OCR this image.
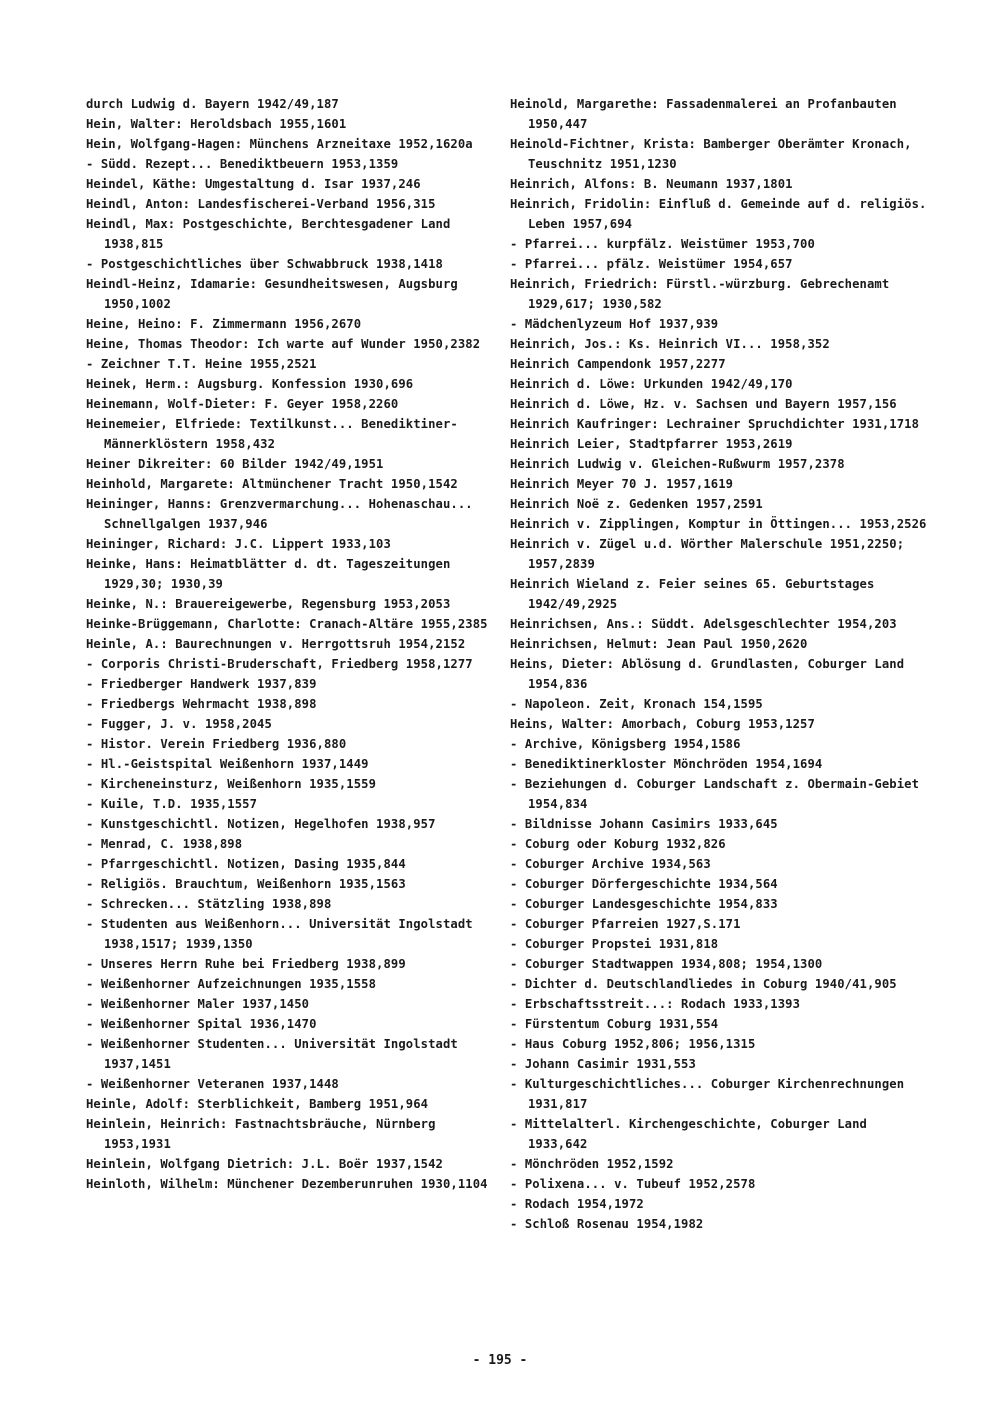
durch Ludwig d. Bayern 1942/49,187
Hein, Walter: Heroldsbach 1955,1601
Hein, Wolfgang-Hagen: Münchens Arzneitaxe 1952,1620a
- Südd. Rezept... Benediktbeuern 1953,1359
Heindel, Käthe: Umgestaltung d. Isar 1937,246
Heindl, Anton: Landesfischerei-Verband 1956,315
Heindl, Max: Postgeschichte, Berchtesgadener Land 1938,815
- Postgeschichtliches über Schwabbruck 1938,1418
Heindl-Heinz, Idamarie: Gesundheitswesen, Augsburg 1950,1002
Heine, Heino: F. Zimmermann 1956,2670
Heine, Thomas Theodor: Ich warte auf Wunder 1950,2382
- Zeichner T.T. Heine 1955,2521
Heinek, Herm.: Augsburg. Konfession 1930,696
Heinemann, Wolf-Dieter: F. Geyer 1958,2260
Heinemeier, Elfriede: Textilkunst... Benediktiner-Männerklöstern 1958,432
Heiner Dikreiter: 60 Bilder 1942/49,1951
Heinhold, Margarete: Altmünchener Tracht 1950,1542
Heininger, Hanns: Grenzvermarchung... Hohenaschau... Schnellgalgen 1937,946
Heininger, Richard: J.C. Lippert 1933,103
Heinke, Hans: Heimatblätter d. dt. Tageszeitungen 1929,30; 1930,39
Heinke, N.: Brauereigewerbe, Regensburg 1953,2053
Heinke-Brüggemann, Charlotte: Cranach-Altäre 1955,2385
Heinle, A.: Baurechnungen v. Herrgottsruh 1954,2152
- Corporis Christi-Bruderschaft, Friedberg 1958,1277
- Friedberger Handwerk 1937,839
- Friedbergs Wehrmacht 1938,898
- Fugger, J. v. 1958,2045
- Histor. Verein Friedberg 1936,880
- Hl.-Geistspital Weißenhorn 1937,1449
- Kircheneinsturz, Weißenhorn 1935,1559
- Kuile, T.D. 1935,1557
- Kunstgeschichtl. Notizen, Hegelhofen 1938,957
- Menrad, C. 1938,898
- Pfarrgeschichtl. Notizen, Dasing 1935,844
- Religiös. Brauchtum, Weißenhorn 1935,1563
- Schrecken... Stätzling 1938,898
- Studenten aus Weißenhorn... Universität Ingolstadt 1938,1517; 1939,1350
- Unseres Herrn Ruhe bei Friedberg 1938,899
- Weißenhorner Aufzeichnungen 1935,1558
- Weißenhorner Maler 1937,1450
- Weißenhorner Spital 1936,1470
- Weißenhorner Studenten... Universität Ingolstadt 1937,1451
- Weißenhorner Veteranen 1937,1448
Heinle, Adolf: Sterblichkeit, Bamberg 1951,964
Heinlein, Heinrich: Fastnachtsbräuche, Nürnberg 1953,1931
Heinlein, Wolfgang Dietrich: J.L. Boër 1937,1542
Heinloth, Wilhelm: Münchener Dezemberunruhen 1930,1104
Heinold, Margarethe: Fassadenmalerei an Profanbauten 1950,447
Heinold-Fichtner, Krista: Bamberger Oberämter Kronach, Teuschnitz 1951,1230
Heinrich, Alfons: B. Neumann 1937,1801
Heinrich, Fridolin: Einfluß d. Gemeinde auf d. religiös. Leben 1957,694
- Pfarrei... kurpfälz. Weistümer 1953,700
- Pfarrei... pfälz. Weistümer 1954,657
Heinrich, Friedrich: Fürstl.-würzburg. Gebrechenamt 1929,617; 1930,582
- Mädchenlyzeum Hof 1937,939
Heinrich, Jos.: Ks. Heinrich VI... 1958,352
Heinrich Campendonk 1957,2277
Heinrich d. Löwe: Urkunden 1942/49,170
Heinrich d. Löwe, Hz. v. Sachsen und Bayern 1957,156
Heinrich Kaufringer: Lechrainer Spruchdichter 1931,1718
Heinrich Leier, Stadtpfarrer 1953,2619
Heinrich Ludwig v. Gleichen-Rußwurm 1957,2378
Heinrich Meyer 70 J. 1957,1619
Heinrich Noë z. Gedenken 1957,2591
Heinrich v. Zipplingen, Komptur in Öttingen... 1953,2526
Heinrich v. Zügel u.d. Wörther Malerschule 1951,2250; 1957,2839
Heinrich Wieland z. Feier seines 65. Geburtstages 1942/49,2925
Heinrichsen, Ans.: Süddt. Adelsgeschlechter 1954,203
Heinrichsen, Helmut: Jean Paul 1950,2620
Heins, Dieter: Ablösung d. Grundlasten, Coburger Land 1954,836
- Napoleon. Zeit, Kronach 154,1595
Heins, Walter: Amorbach, Coburg 1953,1257
- Archive, Königsberg 1954,1586
- Benediktinerkloster Mönchröden 1954,1694
- Beziehungen d. Coburger Landschaft z. Obermain-Gebiet 1954,834
- Bildnisse Johann Casimirs 1933,645
- Coburg oder Koburg 1932,826
- Coburger Archive 1934,563
- Coburger Dörfergeschichte 1934,564
- Coburger Landesgeschichte 1954,833
- Coburger Pfarreien 1927,S.171
- Coburger Propstei 1931,818
- Coburger Stadtwappen 1934,808; 1954,1300
- Dichter d. Deutschlandliedes in Coburg 1940/41,905
- Erbschaftsstreit...: Rodach 1933,1393
- Fürstentum Coburg 1931,554
- Haus Coburg 1952,806; 1956,1315
- Johann Casimir 1931,553
- Kulturgeschichtliches... Coburger Kirchenrechnungen 1931,817
- Mittelalterl. Kirchengeschichte, Coburger Land 1933,642
- Mönchröden 1952,1592
- Polixena... v. Tubeuf 1952,2578
- Rodach 1954,1972
- Schloß Rosenau 1954,1982
- 195 -
